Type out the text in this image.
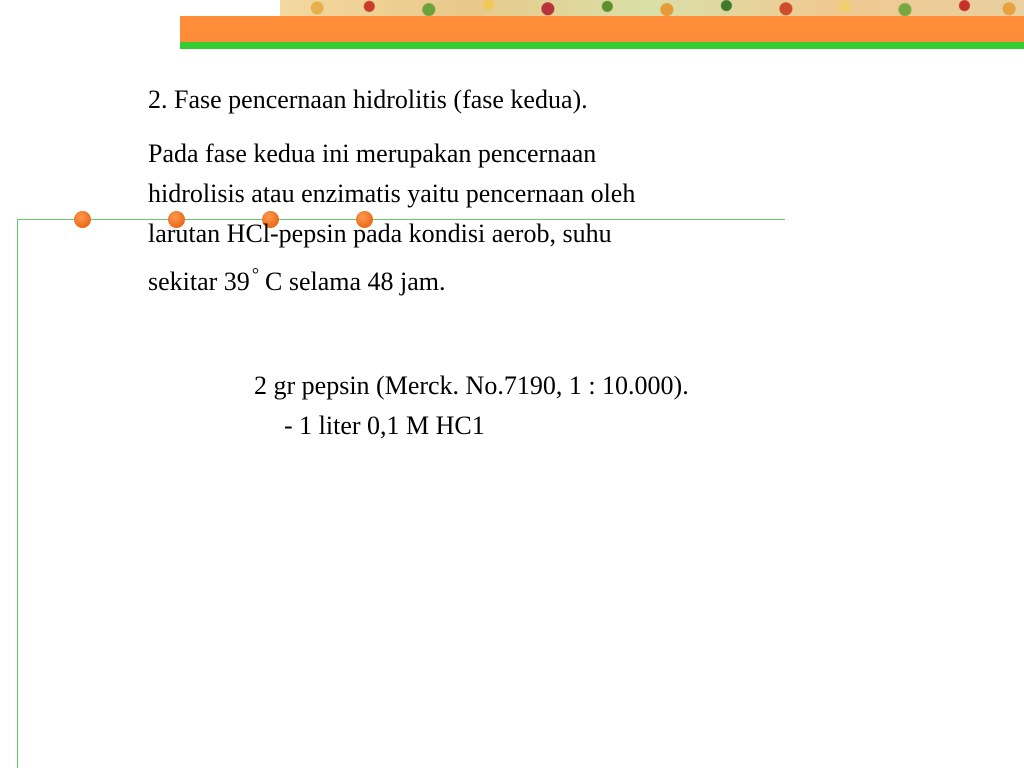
2. Fase pencernaan hidrolitis (fase kedua).

Pada fase kedua ini merupakan pencernaan
hidrolisis atau enzimatis yaitu pencernaan oleh
larutan HCl-pepsin pada kondisi aerob, suhu
sekitar 39 ° C selama 48 jam.

2 gr pepsin (Merck. No.7190, 1 : 10.000).
- 1 liter 0,1 M HC1
